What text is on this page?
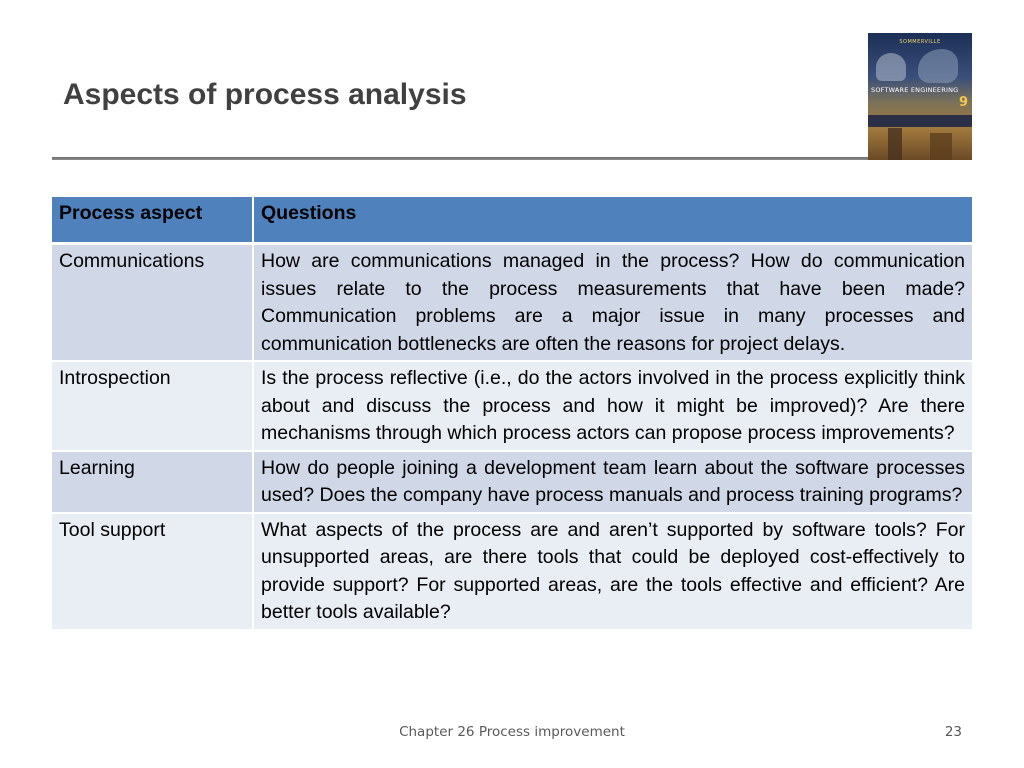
Aspects of process analysis
SOMMERVILLE
SOFTWARE ENGINEERING
9
Process aspect	Questions
Communications	How are communications managed in the process? How do communication issues relate to the process measurements that have been made? Communication problems are a major issue in many processes and communication bottlenecks are often the reasons for project delays.
Introspection	Is the process reflective (i.e., do the actors involved in the process explicitly think about and discuss the process and how it might be improved)? Are there mechanisms through which process actors can propose process improvements?
Learning	How do people joining a development team learn about the software processes used? Does the company have process manuals and process training programs?
Tool support	What aspects of the process are and aren’t supported by software tools? For unsupported areas, are there tools that could be deployed cost-effectively to provide support? For supported areas, are the tools effective and efficient? Are better tools available?
Chapter 26 Process improvement	23
